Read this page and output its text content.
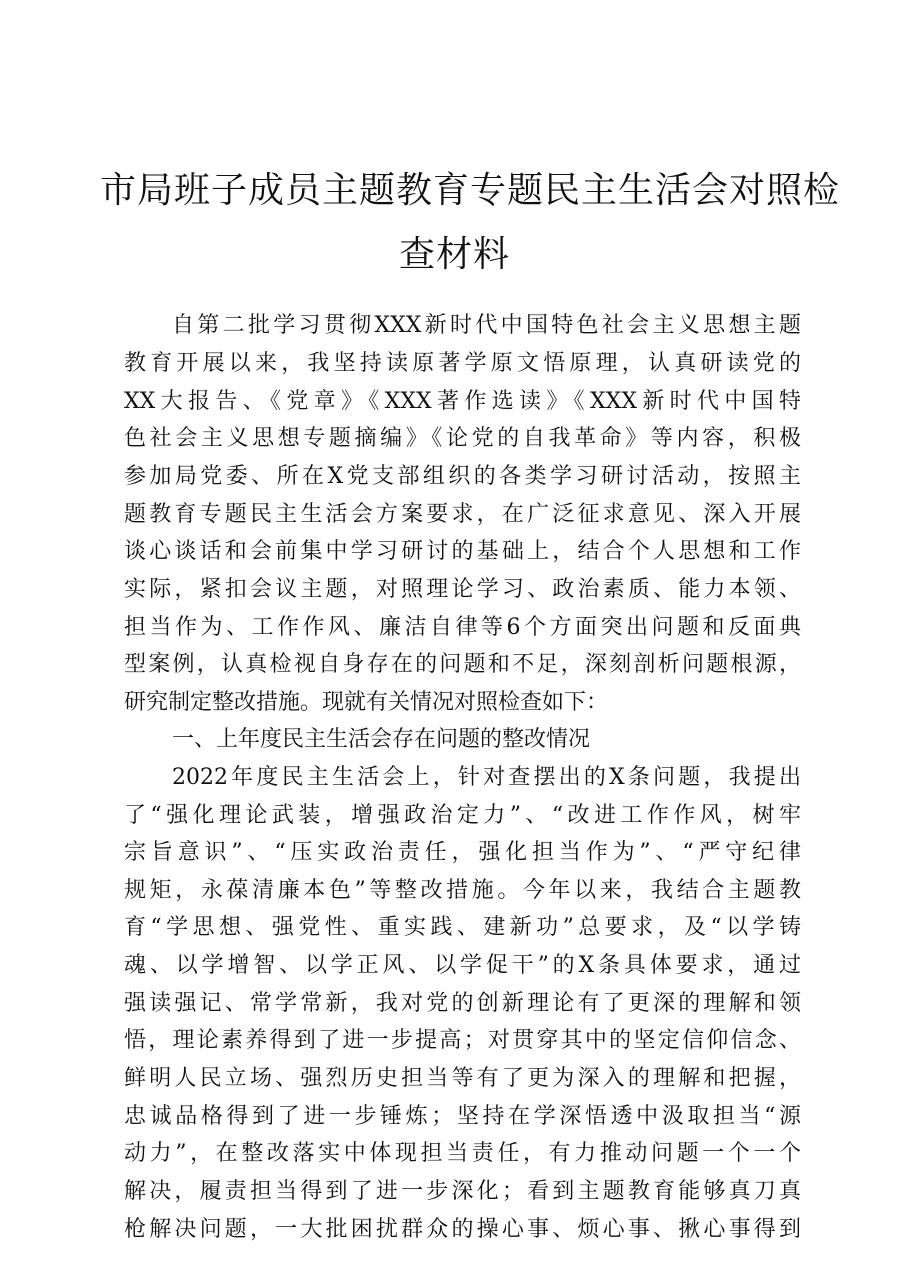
市局班子成员主题教育专题民主生活会对照检
查材料
自第二批学习贯彻XXX新时代中国特色社会主义思想主题
教育开展以来，我坚持读原著学原文悟原理，认真研读党的
XX大报告、《党章》《XXX著作选读》《XXX新时代中国特
色社会主义思想专题摘编》《论党的自我革命》等内容，积极
参加局党委、所在X党支部组织的各类学习研讨活动，按照主
题教育专题民主生活会方案要求，在广泛征求意见、深入开展
谈心谈话和会前集中学习研讨的基础上，结合个人思想和工作
实际，紧扣会议主题，对照理论学习、政治素质、能力本领、
担当作为、工作作风、廉洁自律等6个方面突出问题和反面典
型案例，认真检视自身存在的问题和不足，深刻剖析问题根源，
研究制定整改措施。现就有关情况对照检查如下：
一、上年度民主生活会存在问题的整改情况
2022年度民主生活会上，针对查摆出的X条问题，我提出
了“强化理论武装，增强政治定力”、“改进工作作风，树牢
宗旨意识”、“压实政治责任，强化担当作为”、“严守纪律
规矩，永葆清廉本色”等整改措施。今年以来，我结合主题教
育“学思想、强党性、重实践、建新功”总要求，及“以学铸
魂、以学增智、以学正风、以学促干”的X条具体要求，通过
强读强记、常学常新，我对党的创新理论有了更深的理解和领
悟，理论素养得到了进一步提高；对贯穿其中的坚定信仰信念、
鲜明人民立场、强烈历史担当等有了更为深入的理解和把握，
忠诚品格得到了进一步锤炼；坚持在学深悟透中汲取担当“源
动力”，在整改落实中体现担当责任，有力推动问题一个一个
解决，履责担当得到了进一步深化；看到主题教育能够真刀真
枪解决问题，一大批困扰群众的操心事、烦心事、揪心事得到
